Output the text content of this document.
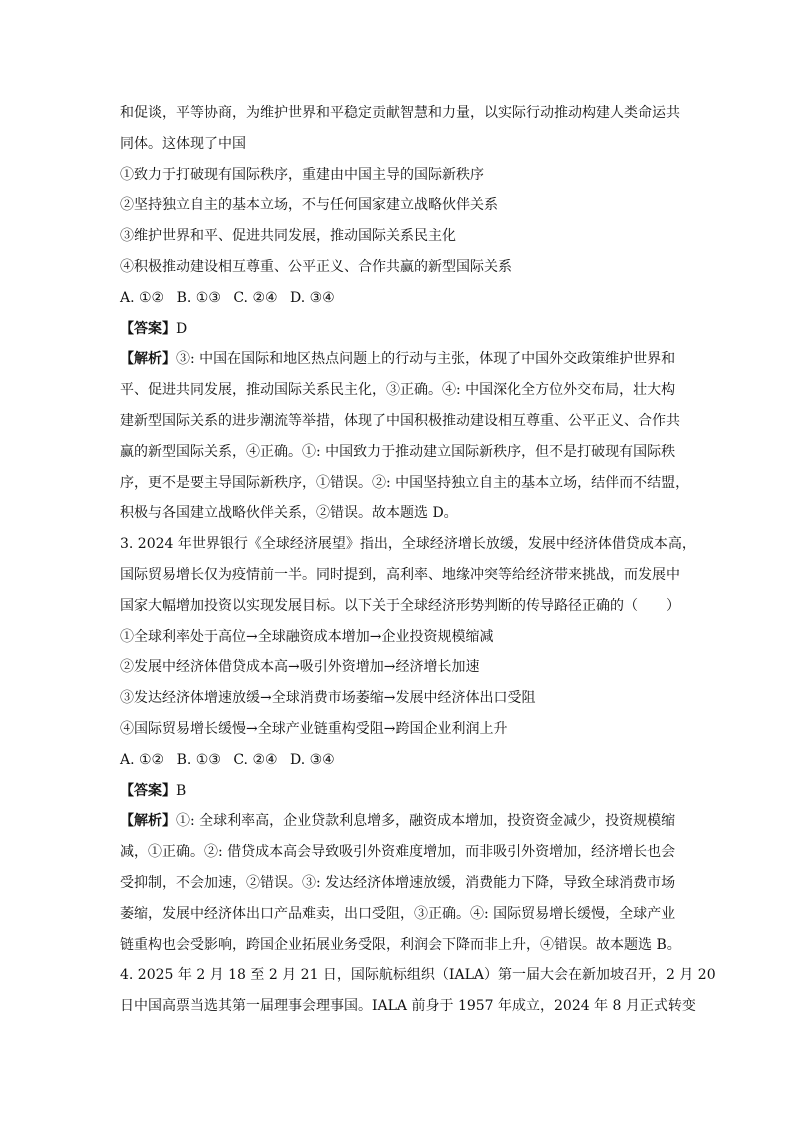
和促谈，平等协商，为维护世界和平稳定贡献智慧和力量，以实际行动推动构建人类命运共
同体。这体现了中国
①致力于打破现有国际秩序，重建由中国主导的国际新秩序
②坚持独立自主的基本立场，不与任何国家建立战略伙伴关系
③维护世界和平、促进共同发展，推动国际关系民主化
④积极推动建设相互尊重、公平正义、合作共赢的新型国际关系
A. ①② B. ①③ C. ②④ D. ③④
【答案】D
【解析】③: 中国在国际和地区热点问题上的行动与主张，体现了中国外交政策维护世界和
平、促进共同发展，推动国际关系民主化，③正确。④: 中国深化全方位外交布局，壮大构
建新型国际关系的进步潮流等举措，体现了中国积极推动建设相互尊重、公平正义、合作共
赢的新型国际关系，④正确。①: 中国致力于推动建立国际新秩序，但不是打破现有国际秩
序，更不是要主导国际新秩序，①错误。②: 中国坚持独立自主的基本立场，结伴而不结盟，
积极与各国建立战略伙伴关系，②错误。故本题选 D。
3. 2024 年世界银行《全球经济展望》指出，全球经济增长放缓，发展中经济体借贷成本高，
国际贸易增长仅为疫情前一半。同时提到，高利率、地缘冲突等给经济带来挑战，而发展中
国家大幅增加投资以实现发展目标。以下关于全球经济形势判断的传导路径正确的（　　）
①全球利率处于高位→全球融资成本增加→企业投资规模缩减
②发展中经济体借贷成本高→吸引外资增加→经济增长加速
③发达经济体增速放缓→全球消费市场萎缩→发展中经济体出口受阻
④国际贸易增长缓慢→全球产业链重构受阻→跨国企业利润上升
A. ①② B. ①③ C. ②④ D. ③④
【答案】B
【解析】①: 全球利率高，企业贷款利息增多，融资成本增加，投资资金减少，投资规模缩
减，①正确。②: 借贷成本高会导致吸引外资难度增加，而非吸引外资增加，经济增长也会
受抑制，不会加速，②错误。③: 发达经济体增速放缓，消费能力下降，导致全球消费市场
萎缩，发展中经济体出口产品难卖，出口受阻，③正确。④: 国际贸易增长缓慢，全球产业
链重构也会受影响，跨国企业拓展业务受限，利润会下降而非上升，④错误。故本题选 B。
4. 2025 年 2 月 18 至 2 月 21 日，国际航标组织（IALA）第一届大会在新加坡召开，2 月 20
日中国高票当选其第一届理事会理事国。IALA 前身于 1957 年成立，2024 年 8 月正式转变
